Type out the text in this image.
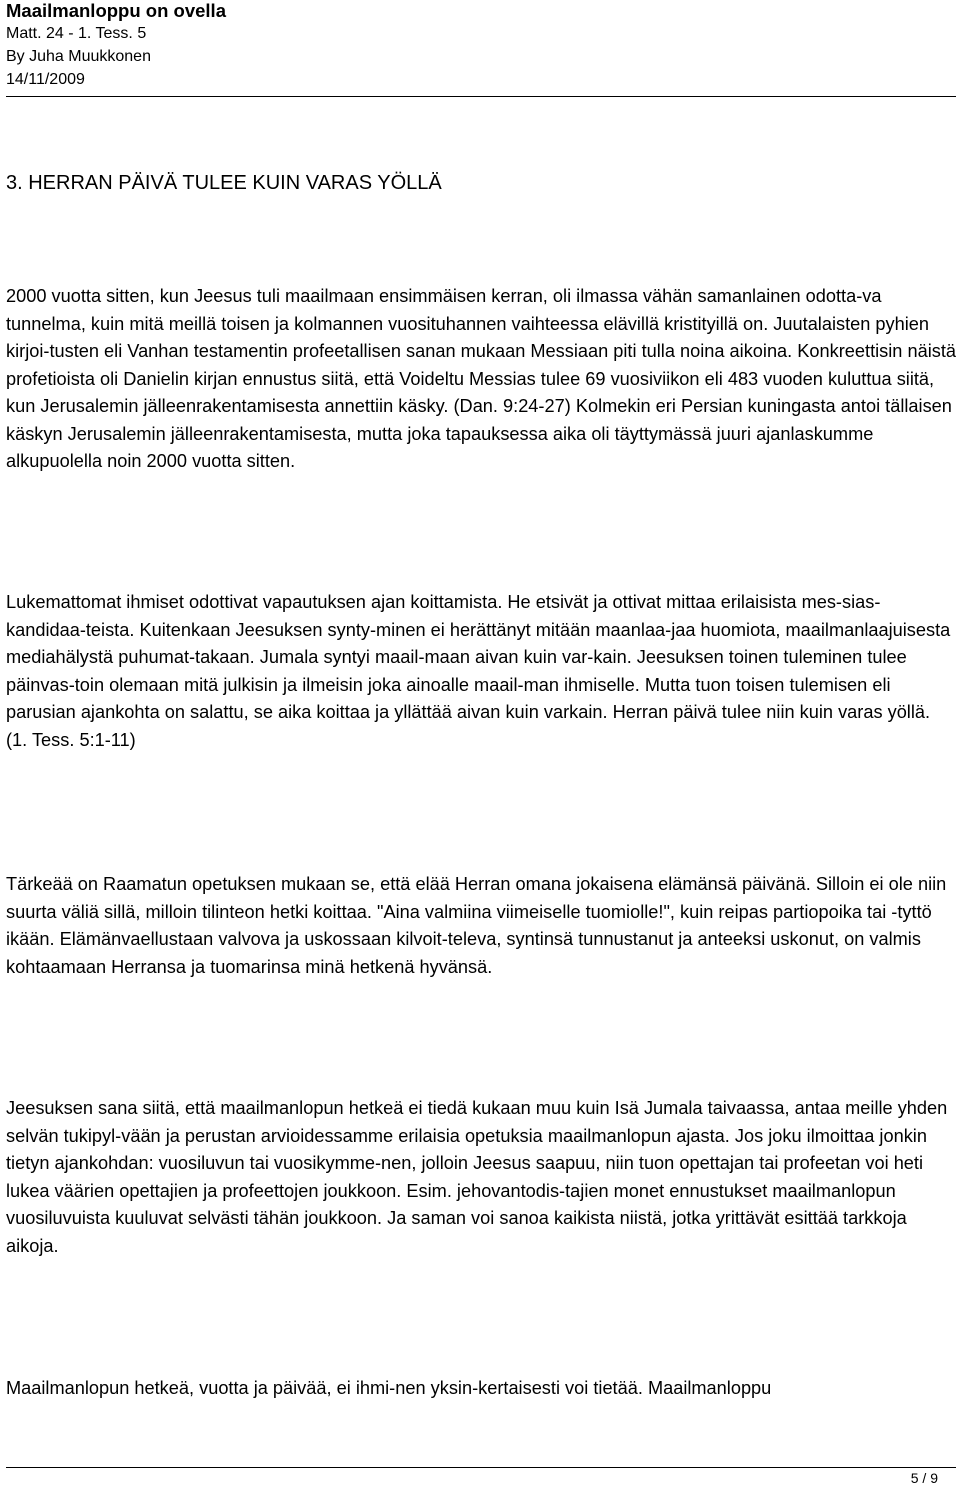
Maailmanloppu on ovella
Matt. 24 - 1. Tess. 5
By Juha Muukkonen
14/11/2009
3. HERRAN PÄIVÄ TULEE KUIN VARAS YÖLLÄ

2000 vuotta sitten, kun Jeesus tuli maailmaan ensimmäisen kerran, oli ilmassa vähän samanlainen odotta-va tunnelma, kuin mitä meillä toisen ja kolmannen vuosituhannen vaihteessa elävillä kristityillä on. Juutalaisten pyhien kirjoi-tusten eli Vanhan testamentin profeetallisen sanan mukaan Messiaan piti tulla noina aikoina. Konkreettisin näistä profetioista oli Danielin kirjan ennustus siitä, että Voideltu Messias tulee 69 vuosiviikon eli 483 vuoden kuluttua siitä, kun Jerusalemin jälleenrakentamisesta annettiin käsky. (Dan. 9:24-27) Kolmekin eri Persian kuningasta antoi tällaisen käskyn Jerusalemin jälleenrakentamisesta, mutta joka tapauksessa aika oli täyttymässä juuri ajanlaskumme alkupuolella noin 2000 vuotta sitten.

Lukemattomat ihmiset odottivat vapautuksen ajan koittamista. He etsivät ja ottivat mittaa erilaisista mes-sias-kandidaa-teista. Kuitenkaan Jeesuksen synty-minen ei herättänyt mitään maanlaa-jaa huomiota, maailmanlaajuisesta mediahälystä puhumat-takaan. Jumala syntyi maail-maan aivan kuin var-kain. Jeesuksen toinen tuleminen tulee päinvas-toin olemaan mitä julkisin ja ilmeisin joka ainoalle maail-man ihmiselle. Mutta tuon toisen tulemisen eli parusian ajankohta on salattu, se aika koittaa ja yllättää aivan kuin varkain. Herran päivä tulee niin kuin varas yöllä. (1. Tess. 5:1-11)

Tärkeää on Raamatun opetuksen mukaan se, että elää Herran omana jokaisena elämänsä päivänä. Silloin ei ole niin suurta väliä sillä, milloin tilinteon hetki koittaa. "Aina valmiina viimeiselle tuomiolle!", kuin reipas partiopoika tai -tyttö ikään. Elämänvaellustaan valvova ja uskossaan kilvoit-televa, syntinsä tunnustanut ja anteeksi uskonut, on valmis kohtaamaan Herransa ja tuomarinsa minä hetkenä hyvänsä.

Jeesuksen sana siitä, että maailmanlopun hetkeä ei tiedä kukaan muu kuin Isä Jumala taivaassa, antaa meille yhden selvän tukipyl-vään ja perustan arvioidessamme erilaisia opetuksia maailmanlopun ajasta. Jos joku ilmoittaa jonkin tietyn ajankohdan: vuosiluvun tai vuosikymme-nen, jolloin Jeesus saapuu, niin tuon opettajan tai profeetan voi heti lukea väärien opettajien ja profeettojen joukkoon. Esim. jehovantodis-tajien monet ennustukset maailmanlopun vuosiluvuista kuuluvat selvästi tähän joukkoon. Ja saman voi sanoa kaikista niistä, jotka yrittävät esittää tarkkoja aikoja.

Maailmanlopun hetkeä, vuotta ja päivää, ei ihmi-nen yksin-kertaisesti voi tietää. Maailmanloppu

5 / 9
